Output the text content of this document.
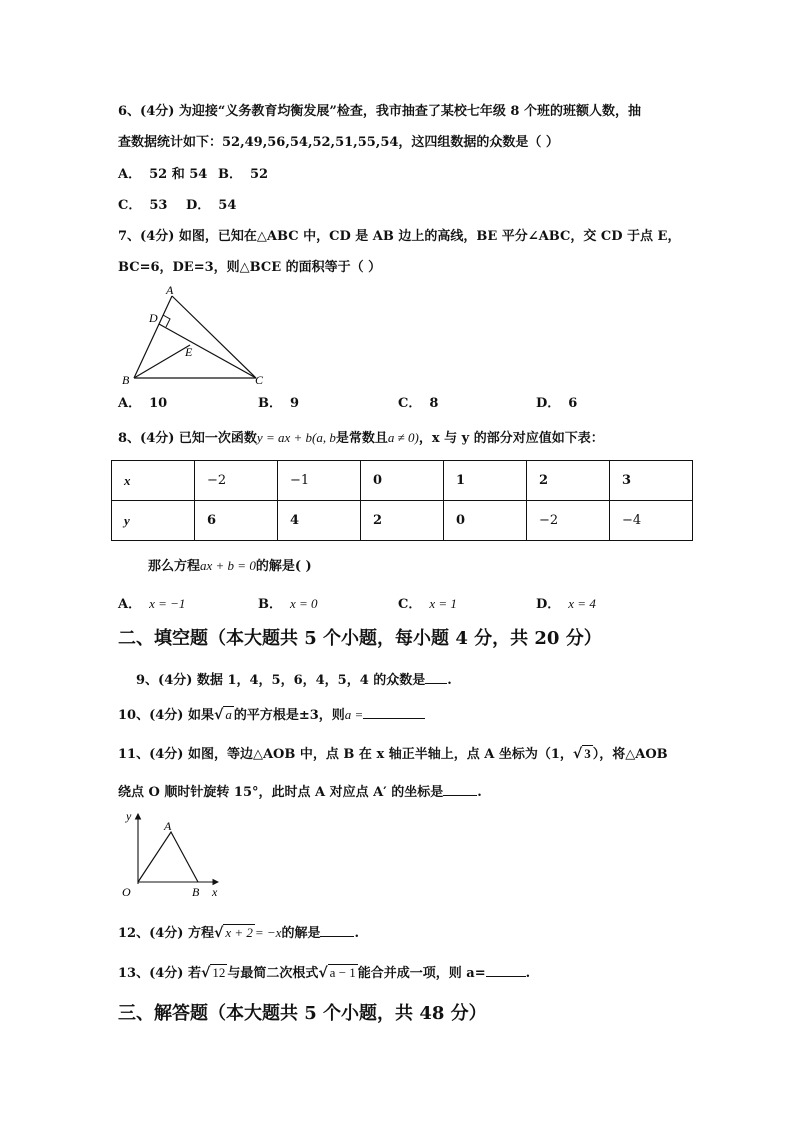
6、(4分) 为迎接“义务教育均衡发展”检查，我市抽查了某校七年级 8 个班的班额人数，抽
查数据统计如下：52,49,56,54,52,51,55,54，这四组数据的众数是（ ）
A． 52 和 54 B． 52
C． 53 D． 54
7、(4分) 如图，已知在△ABC 中，CD 是 AB 边上的高线，BE 平分∠ABC，交 CD 于点 E，
BC=6，DE=3，则△BCE 的面积等于（ ）
A
D
E
B	C
A． 10	B． 9	C． 8	D． 6
8、(4分) 已知一次函数y = ax + b(a, b是常数且a ≠ 0)，x 与 y 的部分对应值如下表：
x	−2	−1	0	1	2	3
y	6	4	2	0	−2	−4
那么方程ax + b = 0的解是( )
A． x = −1	B． x = 0	C． x = 1	D． x = 4
二、填空题（本大题共 5 个小题，每小题 4 分，共 20 分）
9、(4分) 数据 1，4，5，6，4，5，4 的众数是 .
10、(4分) 如果√ a 的平方根是±3，则a =
11、(4分) 如图，等边△AOB 中，点 B 在 x 轴正半轴上，点 A 坐标为（1，√ 3 ），将△AOB
绕点 O 顺时针旋转 15°，此时点 A 对应点 A′ 的坐标是	.
y
A
O	B x
12、(4分) 方程√ x + 2 = −x的解是	.
13、(4分) 若√ 12 与最简二次根式√ a − 1 能合并成一项，则 a=	.
三、解答题（本大题共 5 个小题，共 48 分）
